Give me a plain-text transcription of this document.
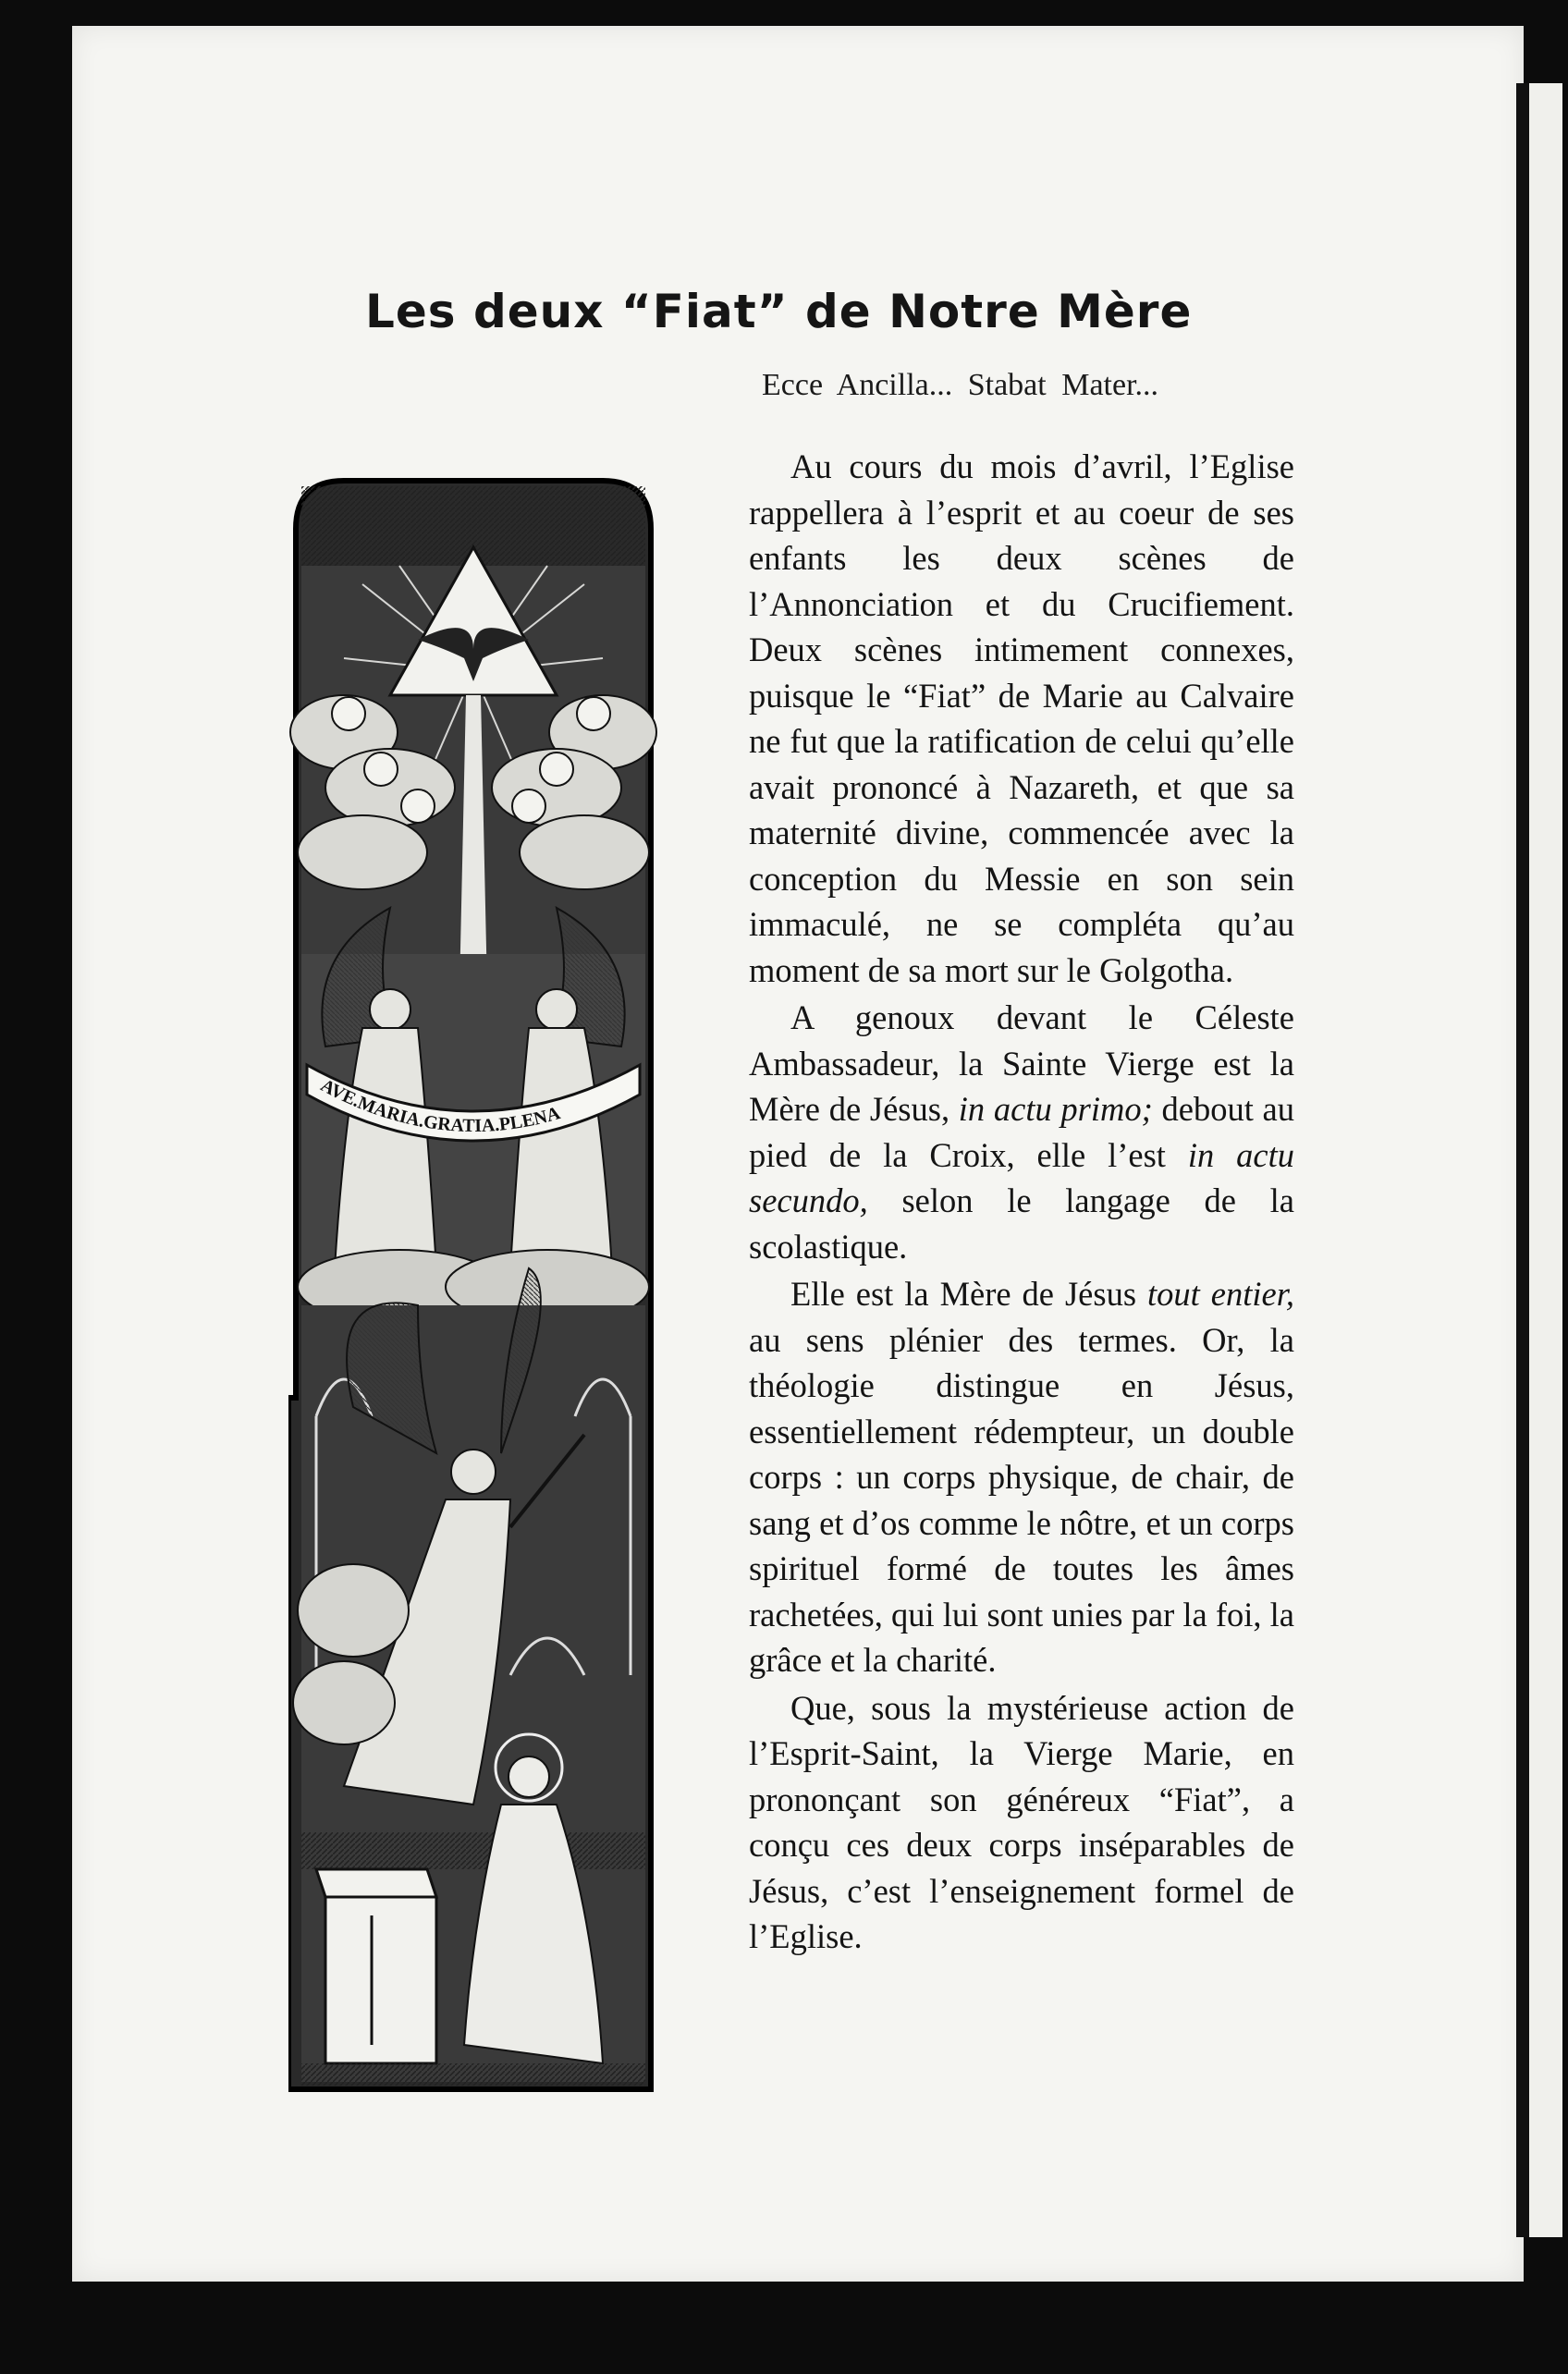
Les deux “Fiat” de Notre Mère
Ecce Ancilla... Stabat Mater...
AVE.MARIA.GRATIA.PLENA

Au cours du mois d’avril, l’Eglise rappellera à l’esprit et au coeur de ses enfants les deux scènes de l’Annonciation et du Crucifiement. Deux scènes intimement connexes, puisque le “Fiat” de Marie au Calvaire ne fut que la ratification de celui qu’elle avait prononcé à Nazareth, et que sa maternité divine, commencée avec la conception du Messie en son sein immaculé, ne se compléta qu’au moment de sa mort sur le Golgotha.

A genoux devant le Céleste Ambassadeur, la Sainte Vierge est la Mère de Jésus, in actu primo; debout au pied de la Croix, elle l’est in actu secundo, selon le langage de la scolastique.

Elle est la Mère de Jésus tout entier, au sens plénier des termes. Or, la théologie distingue en Jésus, essentiellement rédempteur, un double corps : un corps physique, de chair, de sang et d’os comme le nôtre, et un corps spirituel formé de toutes les âmes rachetées, qui lui sont unies par la foi, la grâce et la charité.

Que, sous la mystérieuse action de l’Esprit-Saint, la Vierge Marie, en prononçant son généreux “Fiat”, a conçu ces deux corps inséparables de Jésus, c’est l’enseignement formel de l’Eglise.
